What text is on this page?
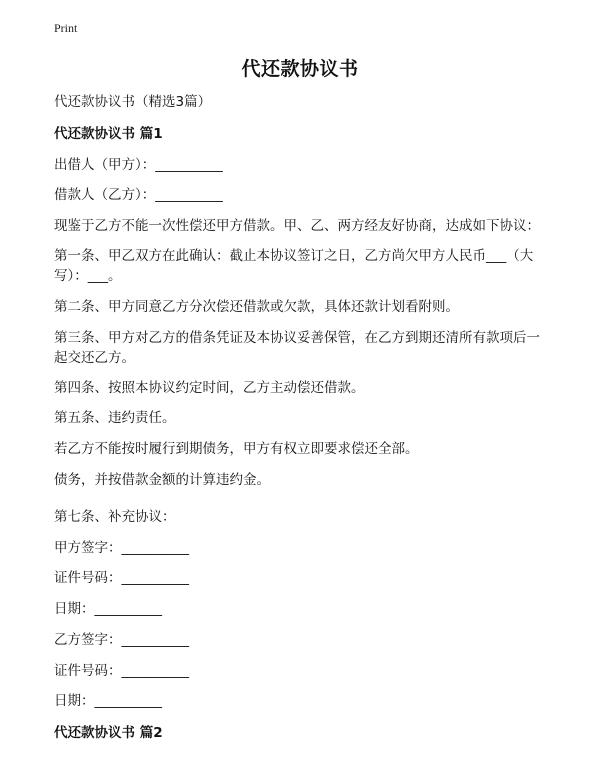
Print
代还款协议书
代还款协议书（精选3篇）
代还款协议书 篇1
出借人（甲方）：__________
借款人（乙方）：__________
现鉴于乙方不能一次性偿还甲方借款。甲、乙、两方经友好协商，达成如下协议：
第一条、甲乙双方在此确认：截止本协议签订之日，乙方尚欠甲方人民币___（大写）：___。
第二条、甲方同意乙方分次偿还借款或欠款，具体还款计划看附则。
第三条、甲方对乙方的借条凭证及本协议妥善保管，在乙方到期还清所有款项后一起交还乙方。
第四条、按照本协议约定时间，乙方主动偿还借款。
第五条、违约责任。
若乙方不能按时履行到期债务，甲方有权立即要求偿还全部。
债务，并按借款金额的计算违约金。
第七条、补充协议：
甲方签字：__________
证件号码：__________
日期：__________
乙方签字：__________
证件号码：__________
日期：__________
代还款协议书 篇2
